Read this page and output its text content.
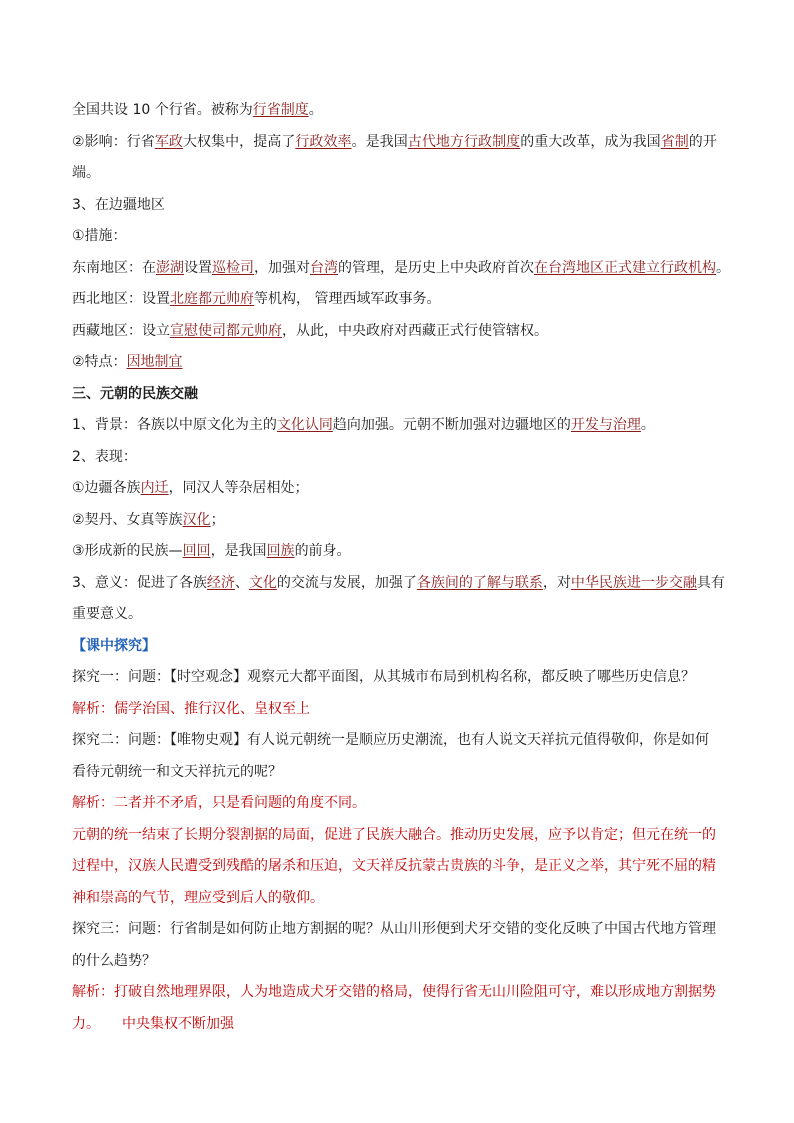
全国共设 10 个行省。被称为行省制度。
②影响：行省军政大权集中，提高了行政效率。是我国古代地方行政制度的重大改革，成为我国省制的开
端。
3、在边疆地区
①措施：
东南地区：在澎湖设置巡检司，加强对台湾的管理，是历史上中央政府首次在台湾地区正式建立行政机构。
西北地区：设置北庭都元帅府等机构， 管理西域军政事务。
西藏地区：设立宣慰使司都元帅府，从此，中央政府对西藏正式行使管辖权。
②特点：因地制宜
三、元朝的民族交融
1、背景：各族以中原文化为主的文化认同趋向加强。元朝不断加强对边疆地区的开发与治理。
2、表现：
①边疆各族内迁，同汉人等杂居相处；
②契丹、女真等族汉化；
③形成新的民族—回回，是我国回族的前身。
3、意义：促进了各族经济、文化的交流与发展，加强了各族间的了解与联系，对中华民族进一步交融具有
重要意义。
【课中探究】
探究一：问题：【时空观念】观察元大都平面图，从其城市布局到机构名称，都反映了哪些历史信息？
解析：儒学治国、推行汉化、皇权至上
探究二：问题：【唯物史观】有人说元朝统一是顺应历史潮流，也有人说文天祥抗元值得敬仰，你是如何
看待元朝统一和文天祥抗元的呢？
解析：二者并不矛盾，只是看问题的角度不同。
元朝的统一结束了长期分裂割据的局面，促进了民族大融合。推动历史发展，应予以肯定；但元在统一的
过程中，汉族人民遭受到残酷的屠杀和压迫，文天祥反抗蒙古贵族的斗争，是正义之举，其宁死不屈的精
神和崇高的气节，理应受到后人的敬仰。
探究三：问题：行省制是如何防止地方割据的呢？从山川形便到犬牙交错的变化反映了中国古代地方管理
的什么趋势？
解析：打破自然地理界限，人为地造成犬牙交错的格局，使得行省无山川险阻可守，难以形成地方割据势
力。 中央集权不断加强
